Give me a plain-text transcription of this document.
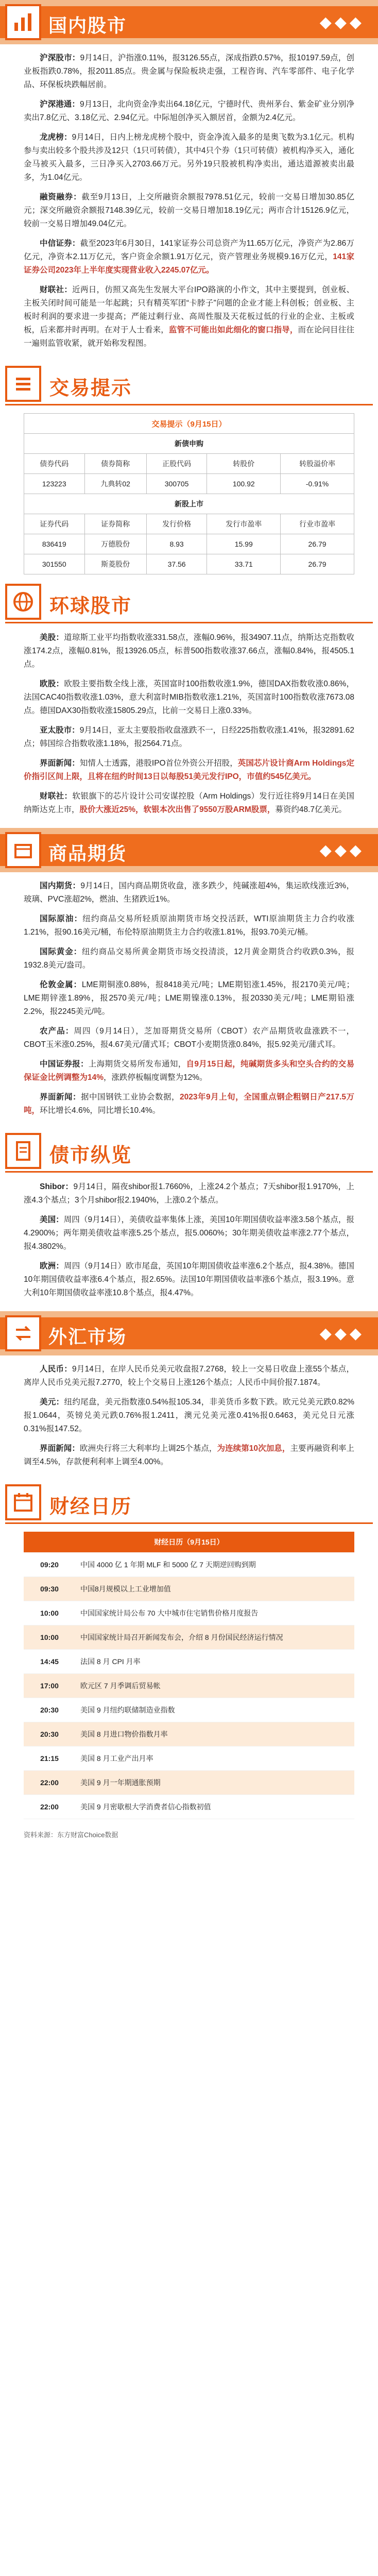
国内股市	◆◆◆

沪深股市：9月14日，沪指涨0.11%，报3126.55点，深成指跌0.57%，报10197.59点，创业板指跌0.78%，报2011.85点。贵金属与保险板块走强，工程咨询、汽车零部件、电子化学品、环保板块跌幅居前。

沪深港通：9月13日，北向资金净卖出64.18亿元，宁德时代、贵州茅台、紫金矿业分别净卖出7.8亿元、3.18亿元、2.94亿元。中际旭创净买入额居首，金额为2.4亿元。

龙虎榜：9月14日，日内上榜龙虎榜个股中，资金净流入最多的是奥飞数为3.1亿元。机构参与卖出较多个股共涉及12只（1只可转债），其中4只个券（1只可转债）被机构净买入，通化金马被买入最多，三日净买入2703.66万元。另外19只股被机构净卖出，通达道源被卖出最多，为1.04亿元。

融资融券：截至9月13日，上交所融资余额报7978.51亿元，较前一交易日增加30.85亿元；深交所融资余额报7148.39亿元，较前一交易日增加18.19亿元；两市合计15126.9亿元，较前一交易日增加49.04亿元。

中信证券：截至2023年6月30日，141家证券公司总资产为11.65万亿元，净资产为2.86万亿元，净资本2.11万亿元，客户资金余额1.91万亿元，资产管理业务规模9.16万亿元，141家证券公司2023年上半年度实现营业收入2245.07亿元。

财联社：近两日，仿照又高先生发展大平台IPO路演的小作文，其中主要提到，创业板、主板关闭时间可能是一年起跳；只有精英军团“卡脖子”问题的企业才能上科创板；创业板、主板时利润的要求进一步提高；严能过剩行业、高周性服及天花板过低的行业的企业、主板或板，后来都并时再明。在对于人士看来，监管不可能出如此细化的窗口指导，而在论问目往往一遍则监管收紧，就开始称发程图。

交易提示
交易提示（9月15日）				
新债申购				
债券代码	债券简称	正股代码	转股价	转股溢价率
123223	九典转02	300705	100.92	-0.91%
新股上市				
证券代码	证券简称	发行价格	发行市盈率	行业市盈率
836419	万德股份	8.93	15.99	26.79
301550	斯菱股份	37.56	33.71	26.79
环球股市

美股：道琼斯工业平均指数收涨331.58点，涨幅0.96%，报34907.11点，纳斯达克指数收涨174.2点，涨幅0.81%，报13926.05点，标普500指数收涨37.66点，涨幅0.84%，报4505.1点。

欧股：欧股主要指数全线上涨，英国富时100指数收涨1.9%，德国DAX指数收涨0.86%，法国CAC40指数收涨1.03%，意大利富时MIB指数收涨1.21%，英国富时100指数收涨7673.08点。德国DAX30指数收涨15805.29点，比前一交易日上涨0.33%。

亚太股市：9月14日，亚太主要股指收盘涨跌不一，日经225指数收涨1.41%，报32891.62点；韩国综合指数收涨1.18%，报2564.71点。

界面新闻：知情人士透露，港股IPO首位外资公开招股，英国芯片设计商Arm Holdings定价指引区间上限，且将在纽约时间13日以每股51美元发行IPO，市值约545亿美元。

财联社：软银旗下的芯片设计公司安谋控股（Arm Holdings）发行近往将9月14日在美国纳斯达克上市，股价大涨近25%，软银本次出售了9550万股ARM股票，募资约48.7亿美元。

商品期货	◆◆◆

国内期货：9月14日，国内商品期货收盘，涨多跌少，纯碱涨超4%，集运欧线涨近3%，玻璃、PVC涨超2%，燃油、生猪跌近1%。

国际原油：纽约商品交易所轻质原油期货市场交投活跃，WTI原油期货主力合约收涨1.21%，报90.16美元/桶，布伦特原油期货主力合约收涨1.81%，报93.70美元/桶。

国际黄金：纽约商品交易所黄金期货市场交投清淡，12月黄金期货合约收跌0.3%，报1932.8美元/盎司。

伦敦金属：LME期铜涨0.88%，报8418美元/吨；LME期铝涨1.45%，报2170美元/吨；LME期锌涨1.89%，报2570美元/吨；LME期镍涨0.13%，报20330美元/吨；LME期铅涨2.2%，报2245美元/吨。

农产品：周四（9月14日），芝加哥期货交易所（CBOT）农产品期货收盘涨跌不一，CBOT玉米涨0.25%，报4.67美元/蒲式耳；CBOT小麦期货涨0.84%，报5.92美元/蒲式耳。

中国证券报：上海期货交易所发布通知，自9月15日起，纯碱期货多头和空头合约的交易保证金比例调整为14%，涨跌停板幅度调整为12%。

界面新闻：据中国钢铁工业协会数据，2023年9月上旬，全国重点钢企粗钢日产217.5万吨，环比增长4.6%，同比增长10.4%。

债市纵览

Shibor：9月14日，隔夜shibor报1.7660%，上涨24.2个基点；7天shibor报1.9170%，上涨4.3个基点；3个月shibor报2.1940%，上涨0.2个基点。

美国：周四（9月14日），美债收益率集体上涨，美国10年期国债收益率涨3.58个基点，报4.2900%；两年期美债收益率涨5.25个基点，报5.0060%；30年期美债收益率涨2.77个基点，报4.3802%。

欧洲：周四（9月14日）欧市尾盘，英国10年期国债收益率涨6.2个基点，报4.38%。德国10年期国债收益率涨6.4个基点，报2.65%。法国10年期国债收益率涨6个基点，报3.19%。意大利10年期国债收益率涨10.8个基点，报4.47%。

外汇市场	◆◆◆

人民币：9月14日，在岸人民币兑美元收盘报7.2768，较上一交易日收盘上涨55个基点，离岸人民币兑美元报7.2770，较上个交易日上涨126个基点；人民币中间价报7.1874。

美元：纽约尾盘，美元指数涨0.54%报105.34，非美货币多数下跌。欧元兑美元跌0.82%报1.0644，英镑兑美元跌0.76%报1.2411，澳元兑美元涨0.41%报0.6463，美元兑日元涨0.31%报147.52。

界面新闻：欧洲央行将三大利率均上调25个基点，为连续第10次加息，主要再融资利率上调至4.5%，存款便利利率上调至4.00%。

财经日历
财经日历（9月15日）	
09:20	中国 4000 亿 1 年期 MLF 和 5000 亿 7 天期逆回购到期
09:30	中国8月规模以上工业增加值
10:00	中国国家统计局公布 70 大中城市住宅销售价格月度报告
10:00	中国国家统计局召开新闻发布会，介绍 8 月份国民经济运行情况
14:45	法国 8 月 CPI 月率
17:00	欧元区 7 月季调后贸易帐
20:30	美国 9 月纽约联储制造业指数
20:30	美国 8 月进口物价指数月率
21:15	美国 8 月工业产出月率
22:00	美国 9 月一年期通胀预期
22:00	美国 9 月密歇根大学消费者信心指数初值
资料来源：东方财富Choice数据
